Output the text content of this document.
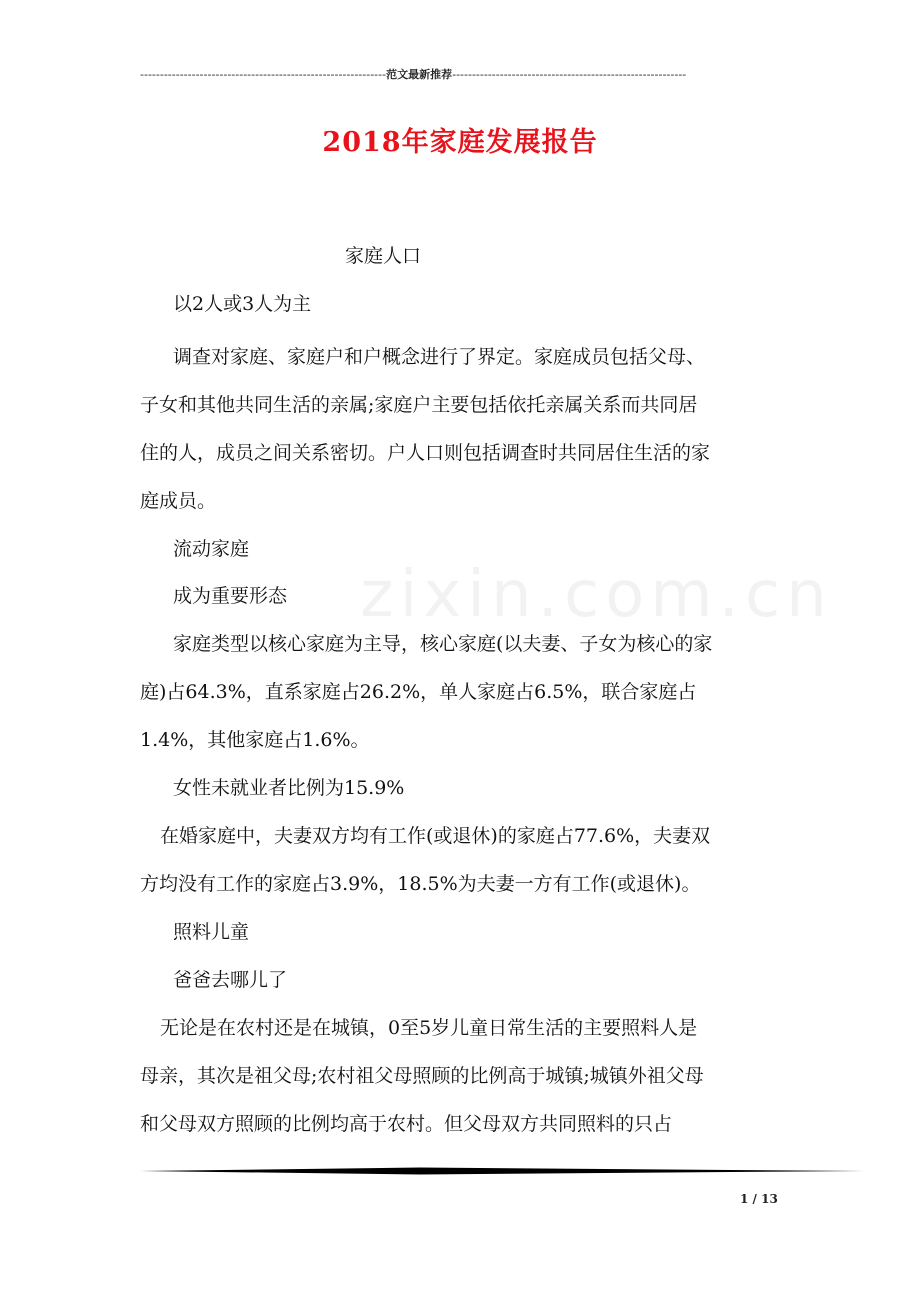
--------------------------------------------------------------范文最新推荐-----------------------------------------------------------
2018年家庭发展报告
zixin.com.cn

家庭人口

以2人或3人为主

调查对家庭、家庭户和户概念进行了界定。家庭成员包括父母、

子女和其他共同生活的亲属;家庭户主要包括依托亲属关系而共同居

住的人，成员之间关系密切。户人口则包括调查时共同居住生活的家

庭成员。

流动家庭

成为重要形态

家庭类型以核心家庭为主导，核心家庭(以夫妻、子女为核心的家

庭)占64.3%，直系家庭占26.2%，单人家庭占6.5%，联合家庭占

1.4%，其他家庭占1.6%。

女性未就业者比例为15.9%

在婚家庭中，夫妻双方均有工作(或退休)的家庭占77.6%，夫妻双

方均没有工作的家庭占3.9%，18.5%为夫妻一方有工作(或退休)。

照料儿童

爸爸去哪儿了

无论是在农村还是在城镇，0至5岁儿童日常生活的主要照料人是

母亲，其次是祖父母;农村祖父母照顾的比例高于城镇;城镇外祖父母

和父母双方照顾的比例均高于农村。但父母双方共同照料的只占

1 / 13
